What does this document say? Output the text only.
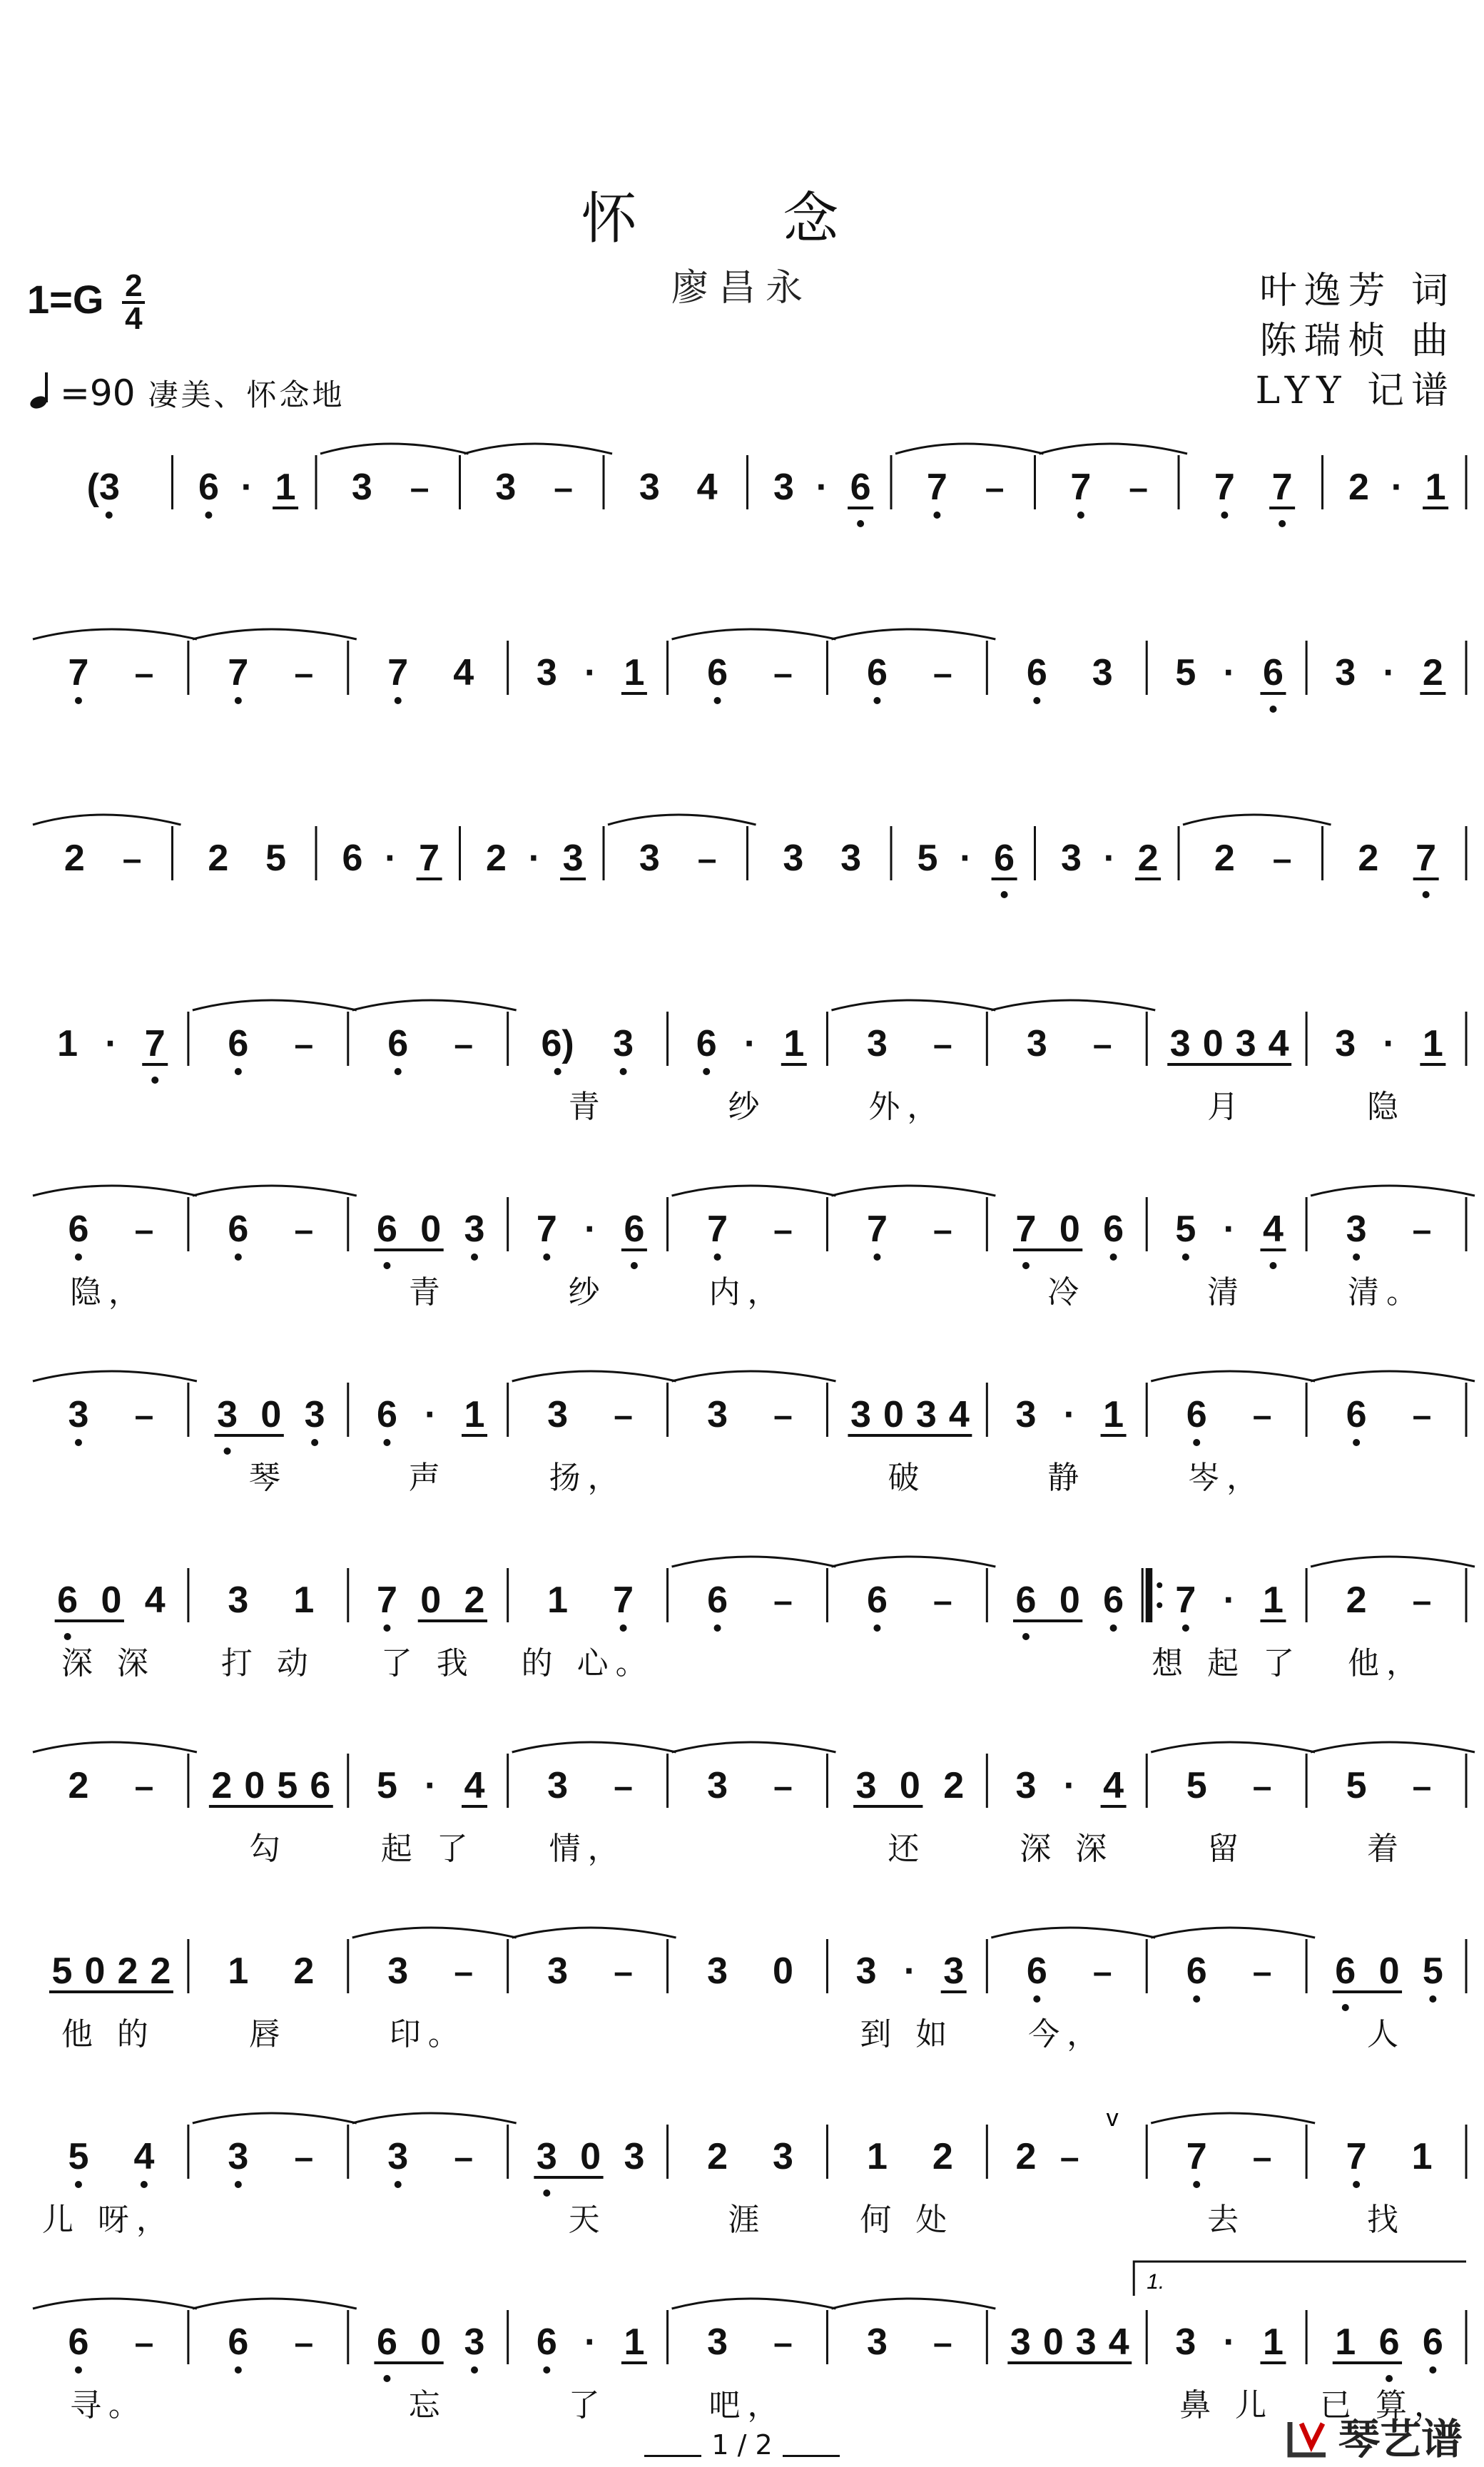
怀 念
廖昌永	叶逸芳 词
陈瑞桢 曲
LYY 记谱
$1=G \frac{2}{4}$
=90 凄美、怀念地
(3 6 · 1 3 – 3 – 3 4 3 · 6 7 – 7 – 7 7 2 · 1
7 – 7 – 7 4 3 · 1 6 – 6 – 6 3 5 · 6 3 · 2
2 – 2 5 6 · 7 2 · 3 3 – 3 3 5 · 6 3 · 2 2 – 2 7
1 · 7 6 – 6 – 6) 3 6 · 1 3 – 3 – 3 0 3 4 3 · 1
青	纱	外，	月	隐
6 – 6 – 6 0 3 7 · 6 7 – 7 – 7 0 6 5 · 4 3 –
隐，	青	纱	内，	冷	清	清。
3 – 3 0 3 6 · 1 3 – 3 – 3 0 3 4 3 · 1 6 – 6 –
琴	声	扬，	破	静	岑，
6 0 4 3 1 7 0 2 1 7 6 – 6 – 6 0 6 7 · 1 2 –
深 深 打 动 了 我 的 心。	想 起 了 他，
2 – 2 0 5 6 5 · 4 3 – 3 – 3 0 2 3 · 4 5 – 5 –
勾	起 了 情，	还	深 深	留	着
5 0 2 2 1 2 3 – 3 – 3 0 3 · 3 6 – 6 – 6 0 5
他 的	唇	印。	到 如 今，	人
5 4 3 – 3 – 3 0 3 2 3 1 2 2 –
v
7 – 7 1
儿 呀，	天	涯	何 处	去	找
6 – 6 – 6 0 3 6 · 1 3 – 3 – 3 0 3 4
1.
3 · 1 1 6 6
寻。	忘	了	吧，	鼻 儿 已 算，
1 / 2	琴艺谱
